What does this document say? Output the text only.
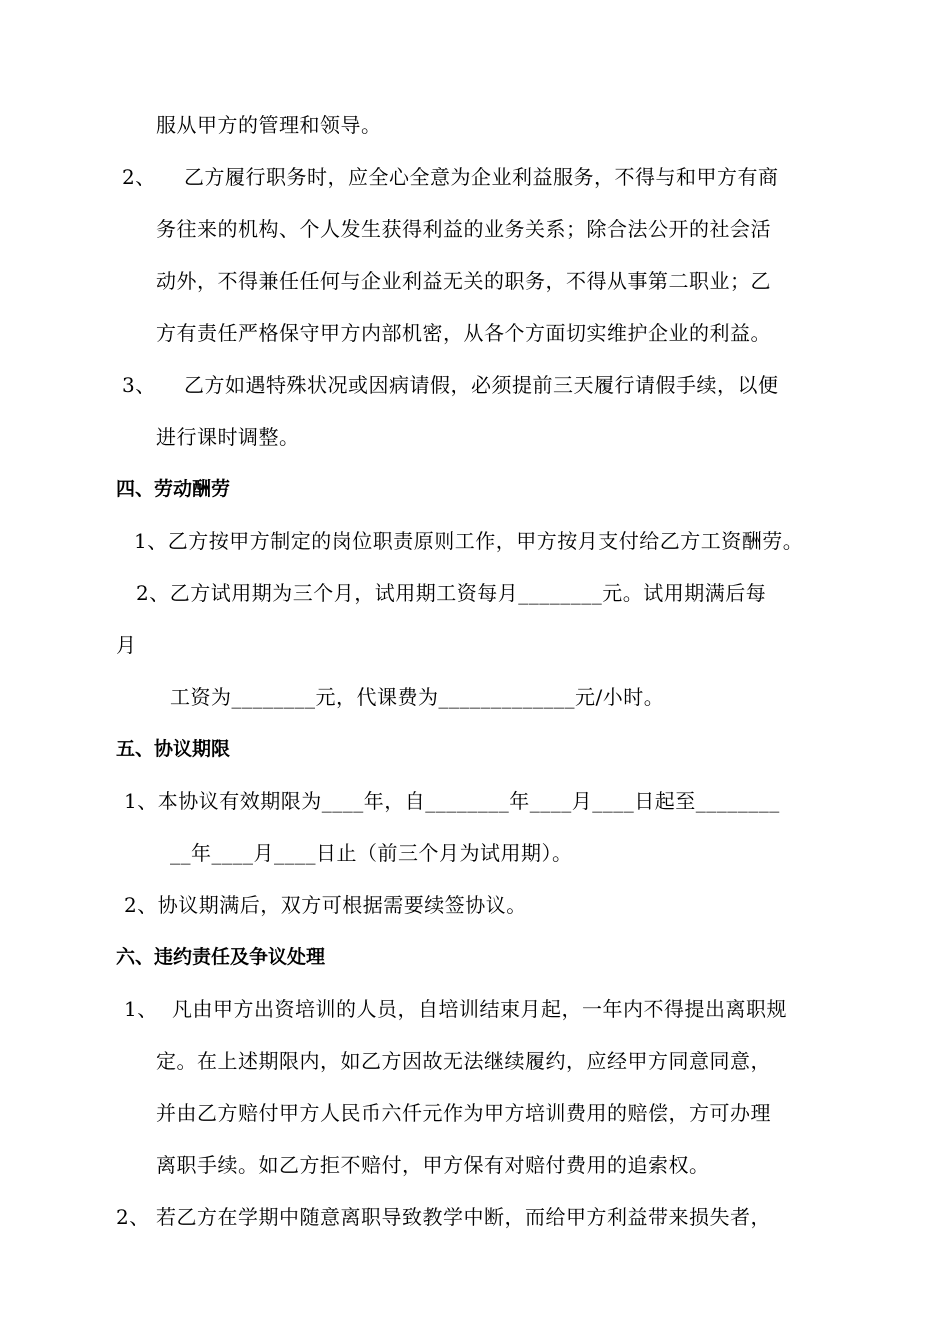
服从甲方的管理和领导。
2、 乙方履行职务时，应全心全意为企业利益服务，不得与和甲方有商
务往来的机构、个人发生获得利益的业务关系；除合法公开的社会活
动外，不得兼任任何与企业利益无关的职务，不得从事第二职业；乙
方有责任严格保守甲方内部机密，从各个方面切实维护企业的利益。
3、 乙方如遇特殊状况或因病请假，必须提前三天履行请假手续，以便
进行课时调整。
四、劳动酬劳
1、乙方按甲方制定的岗位职责原则工作，甲方按月支付给乙方工资酬劳。
2、乙方试用期为三个月，试用期工资每月________元。试用期满后每
月
工资为________元，代课费为_____________元/小时。
五、协议期限
1、本协议有效期限为____年，自________年____月____日起至________
__年____月____日止（前三个月为试用期）。
2、协议期满后，双方可根据需要续签协议。
六、违约责任及争议处理
1、 凡由甲方出资培训的人员，自培训结束月起，一年内不得提出离职规
定。在上述期限内，如乙方因故无法继续履约，应经甲方同意同意，
并由乙方赔付甲方人民币六仟元作为甲方培训费用的赔偿，方可办理
离职手续。如乙方拒不赔付，甲方保有对赔付费用的追索权。
2、 若乙方在学期中随意离职导致教学中断，而给甲方利益带来损失者，
